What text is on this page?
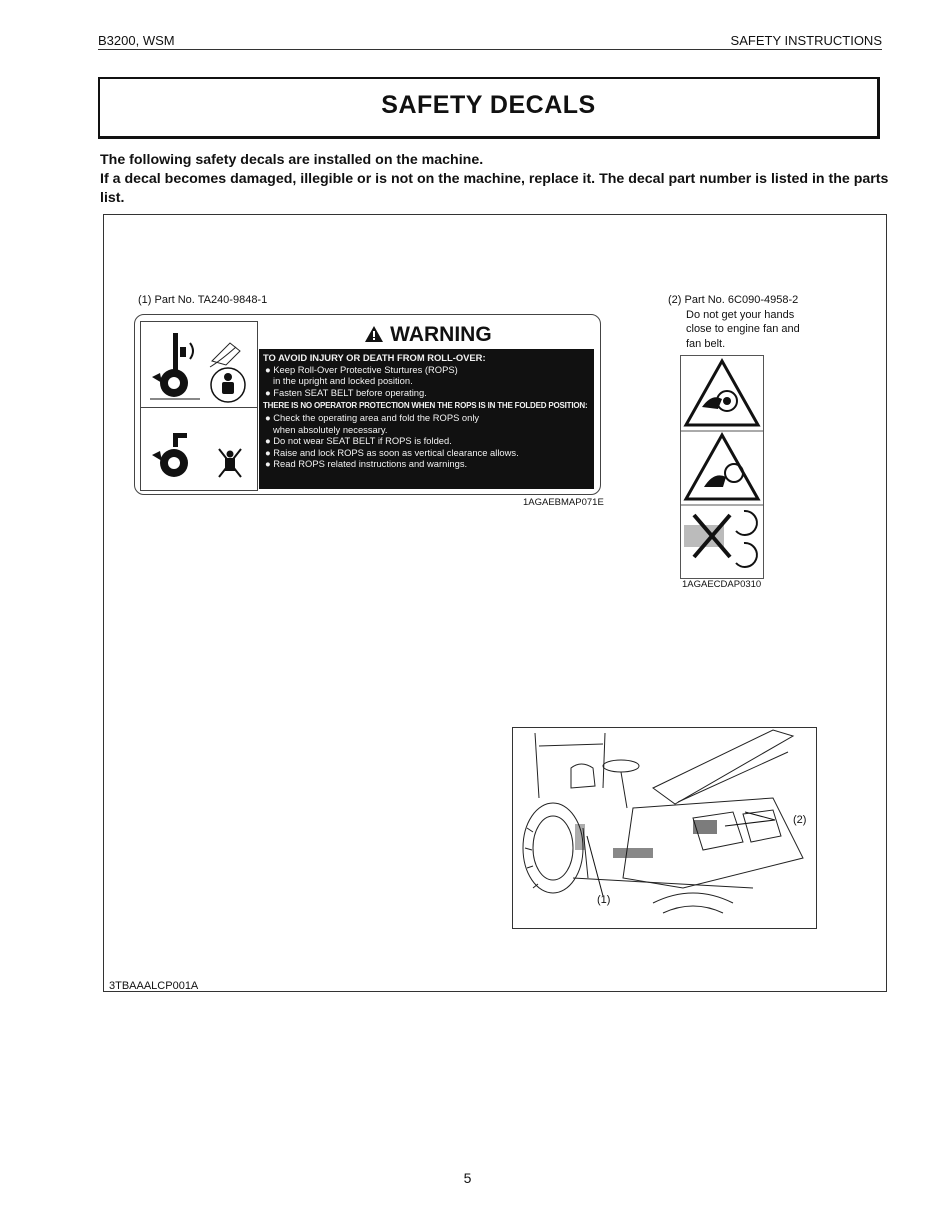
B3200, WSM	SAFETY INSTRUCTIONS
SAFETY DECALS
The following safety decals are installed on the machine.
If a decal becomes damaged, illegible or is not on the machine, replace it. The decal part number is listed in the parts list.
(1) Part No. TA240-9848-1
WARNING
TO AVOID INJURY OR DEATH FROM ROLL-OVER:
● Keep Roll-Over Protective Sturtures (ROPS)
in the upright and locked position.
● Fasten SEAT BELT before operating.
THERE IS NO OPERATOR PROTECTION WHEN THE ROPS IS IN THE FOLDED POSITION:
● Check the operating area and fold the ROPS only
when absolutely necessary.
● Do not wear SEAT BELT if ROPS is folded.
● Raise and lock ROPS as soon as vertical clearance allows.
● Read ROPS related instructions and warnings.
1AGAEBMAP071E
(2) Part No. 6C090-4958-2
Do not get your hands
close to engine fan and
fan belt.
1AGAECDAP0310
(2)
(1)
3TBAAALCP001A
5
